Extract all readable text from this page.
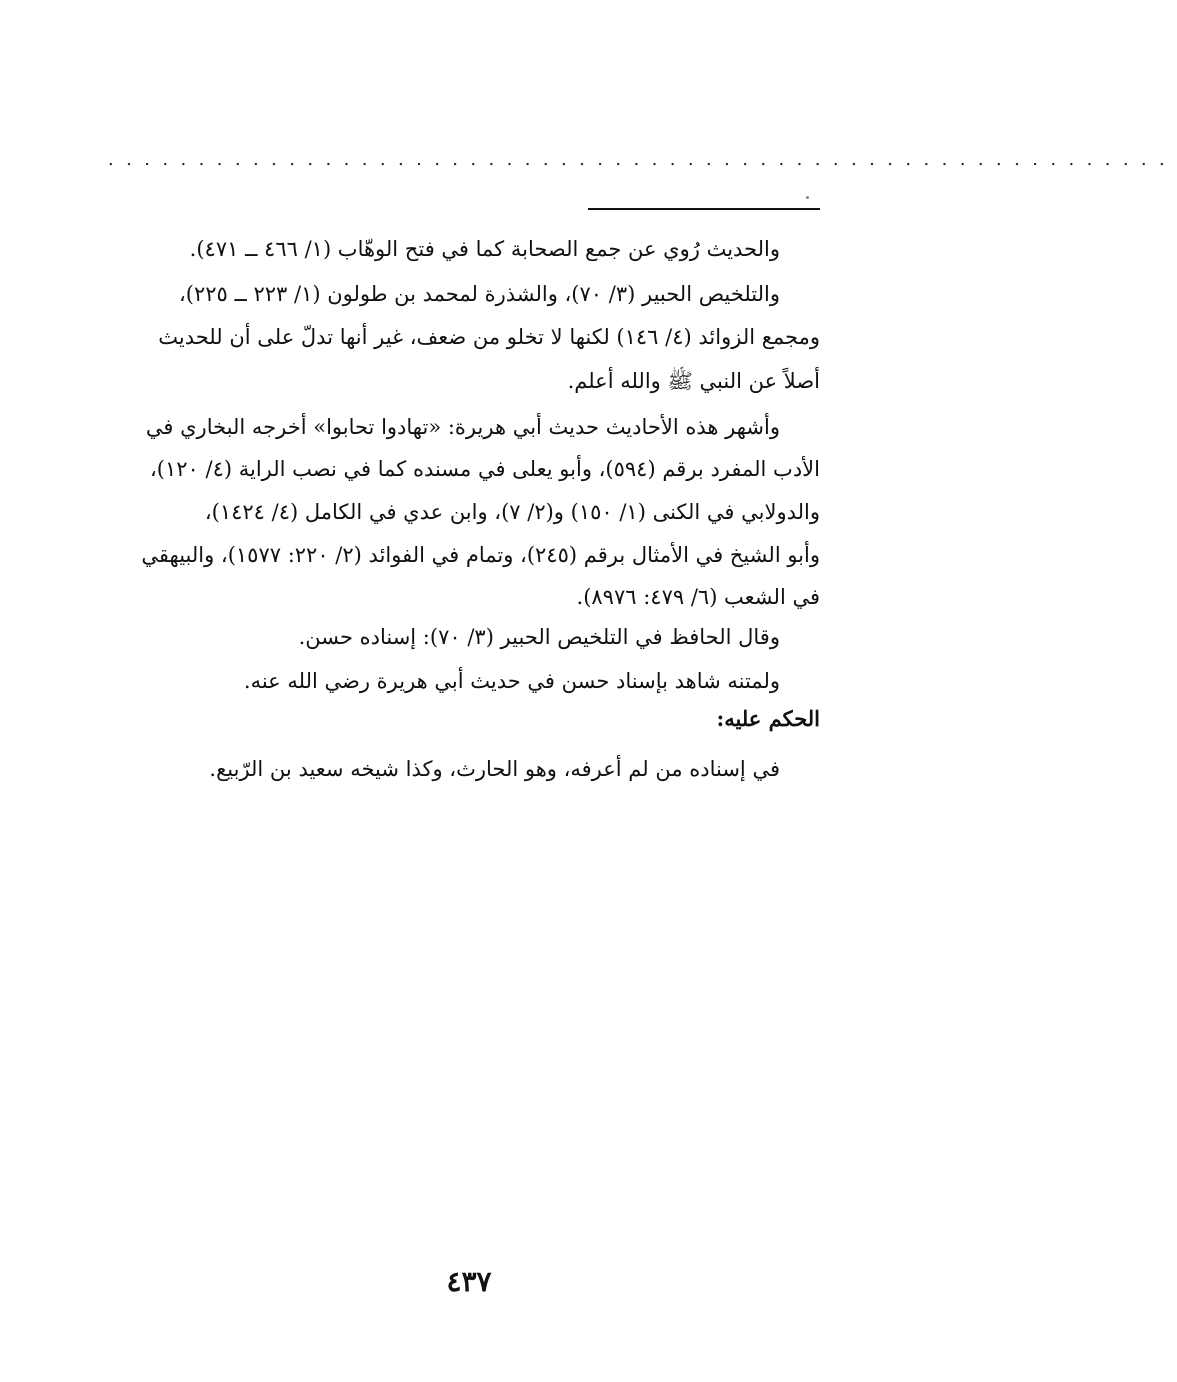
...........................................................
والحديث رُوي عن جمع الصحابة كما في فتح الوهّاب (١/ ٤٦٦ ــ ٤٧١).
والتلخيص الحبير (٣/ ٧٠)، والشذرة لمحمد بن طولون (١/ ٢٢٣ ــ ٢٢٥)،
ومجمع الزوائد (٤/ ١٤٦) لكنها لا تخلو من ضعف، غير أنها تدلّ على أن للحديث
أصلاً عن النبي ﷺ والله أعلم.
وأشهر هذه الأحاديث حديث أبي هريرة: «تهادوا تحابوا» أخرجه البخاري في
الأدب المفرد برقم (٥٩٤)، وأبو يعلى في مسنده كما في نصب الراية (٤/ ١٢٠)،
والدولابي في الكنى (١/ ١٥٠) و(٢/ ٧)، وابن عدي في الكامل (٤/ ١٤٢٤)،
وأبو الشيخ في الأمثال برقم (٢٤٥)، وتمام في الفوائد (٢/ ٢٢٠: ١٥٧٧)، والبيهقي
في الشعب (٦/ ٤٧٩: ٨٩٧٦).
وقال الحافظ في التلخيص الحبير (٣/ ٧٠): إسناده حسن.
ولمتنه شاهد بإسناد حسن في حديث أبي هريرة رضي الله عنه.
الحكم عليه:
في إسناده من لم أعرفه، وهو الحارث، وكذا شيخه سعيد بن الرّبيع.
٤٣٧
